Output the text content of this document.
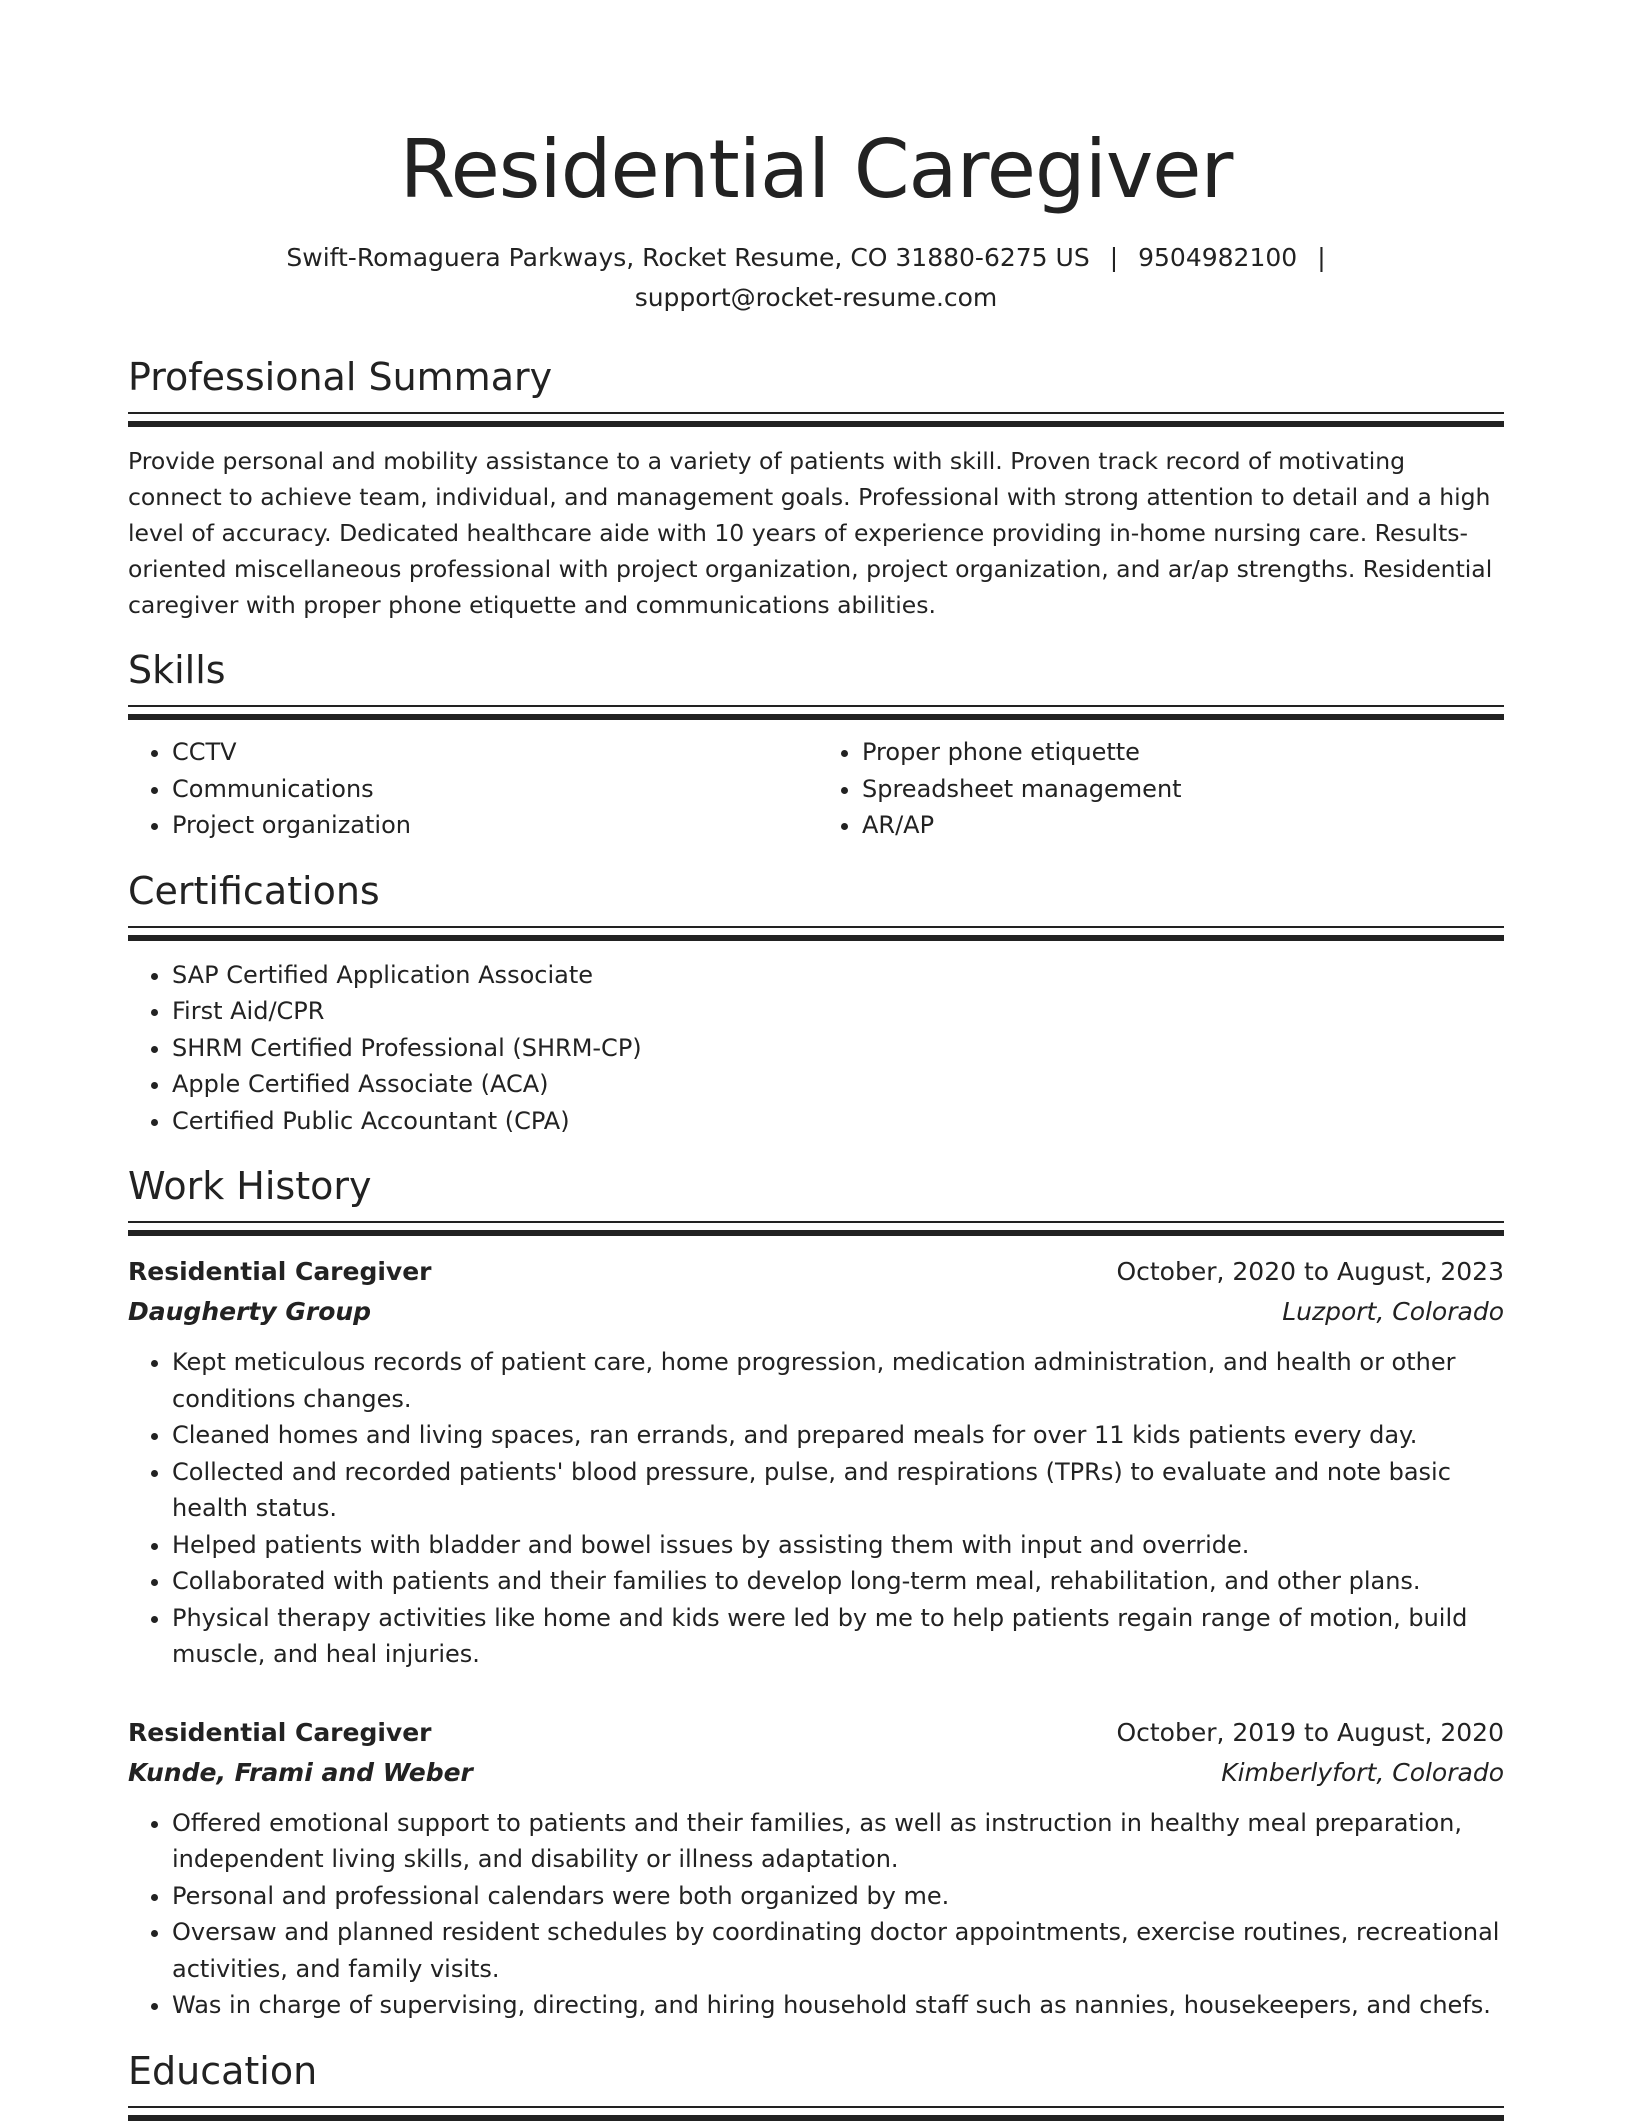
Residential Caregiver
Swift-Romaguera Parkways, Rocket Resume, CO 31880-6275 US | 9504982100 |
support@rocket-resume.com
Professional Summary

Provide personal and mobility assistance to a variety of patients with skill. Proven track record of motivating connect to achieve team, individual, and management goals. Professional with strong attention to detail and a high level of accuracy. Dedicated healthcare aide with 10 years of experience providing in-home nursing care. Results-oriented miscellaneous professional with project organization, project organization, and ar/ap strengths. Residential caregiver with proper phone etiquette and communications abilities.

Skills
• CCTV
• Communications
• Project organization
• Proper phone etiquette
• Spreadsheet management
• AR/AP
Certifications
• SAP Certified Application Associate
• First Aid/CPR
• SHRM Certified Professional (SHRM-CP)
• Apple Certified Associate (ACA)
• Certified Public Accountant (CPA)
Work History
Residential Caregiver	October, 2020 to August, 2023
Daugherty Group	Luzport, Colorado
• Kept meticulous records of patient care, home progression, medication administration, and health or other conditions changes.
• Cleaned homes and living spaces, ran errands, and prepared meals for over 11 kids patients every day.
• Collected and recorded patients' blood pressure, pulse, and respirations (TPRs) to evaluate and note basic health status.
• Helped patients with bladder and bowel issues by assisting them with input and override.
• Collaborated with patients and their families to develop long-term meal, rehabilitation, and other plans.
• Physical therapy activities like home and kids were led by me to help patients regain range of motion, build muscle, and heal injuries.
Residential Caregiver	October, 2019 to August, 2020
Kunde, Frami and Weber	Kimberlyfort, Colorado
• Offered emotional support to patients and their families, as well as instruction in healthy meal preparation, independent living skills, and disability or illness adaptation.
• Personal and professional calendars were both organized by me.
• Oversaw and planned resident schedules by coordinating doctor appointments, exercise routines, recreational activities, and family visits.
• Was in charge of supervising, directing, and hiring household staff such as nannies, housekeepers, and chefs.
Education
